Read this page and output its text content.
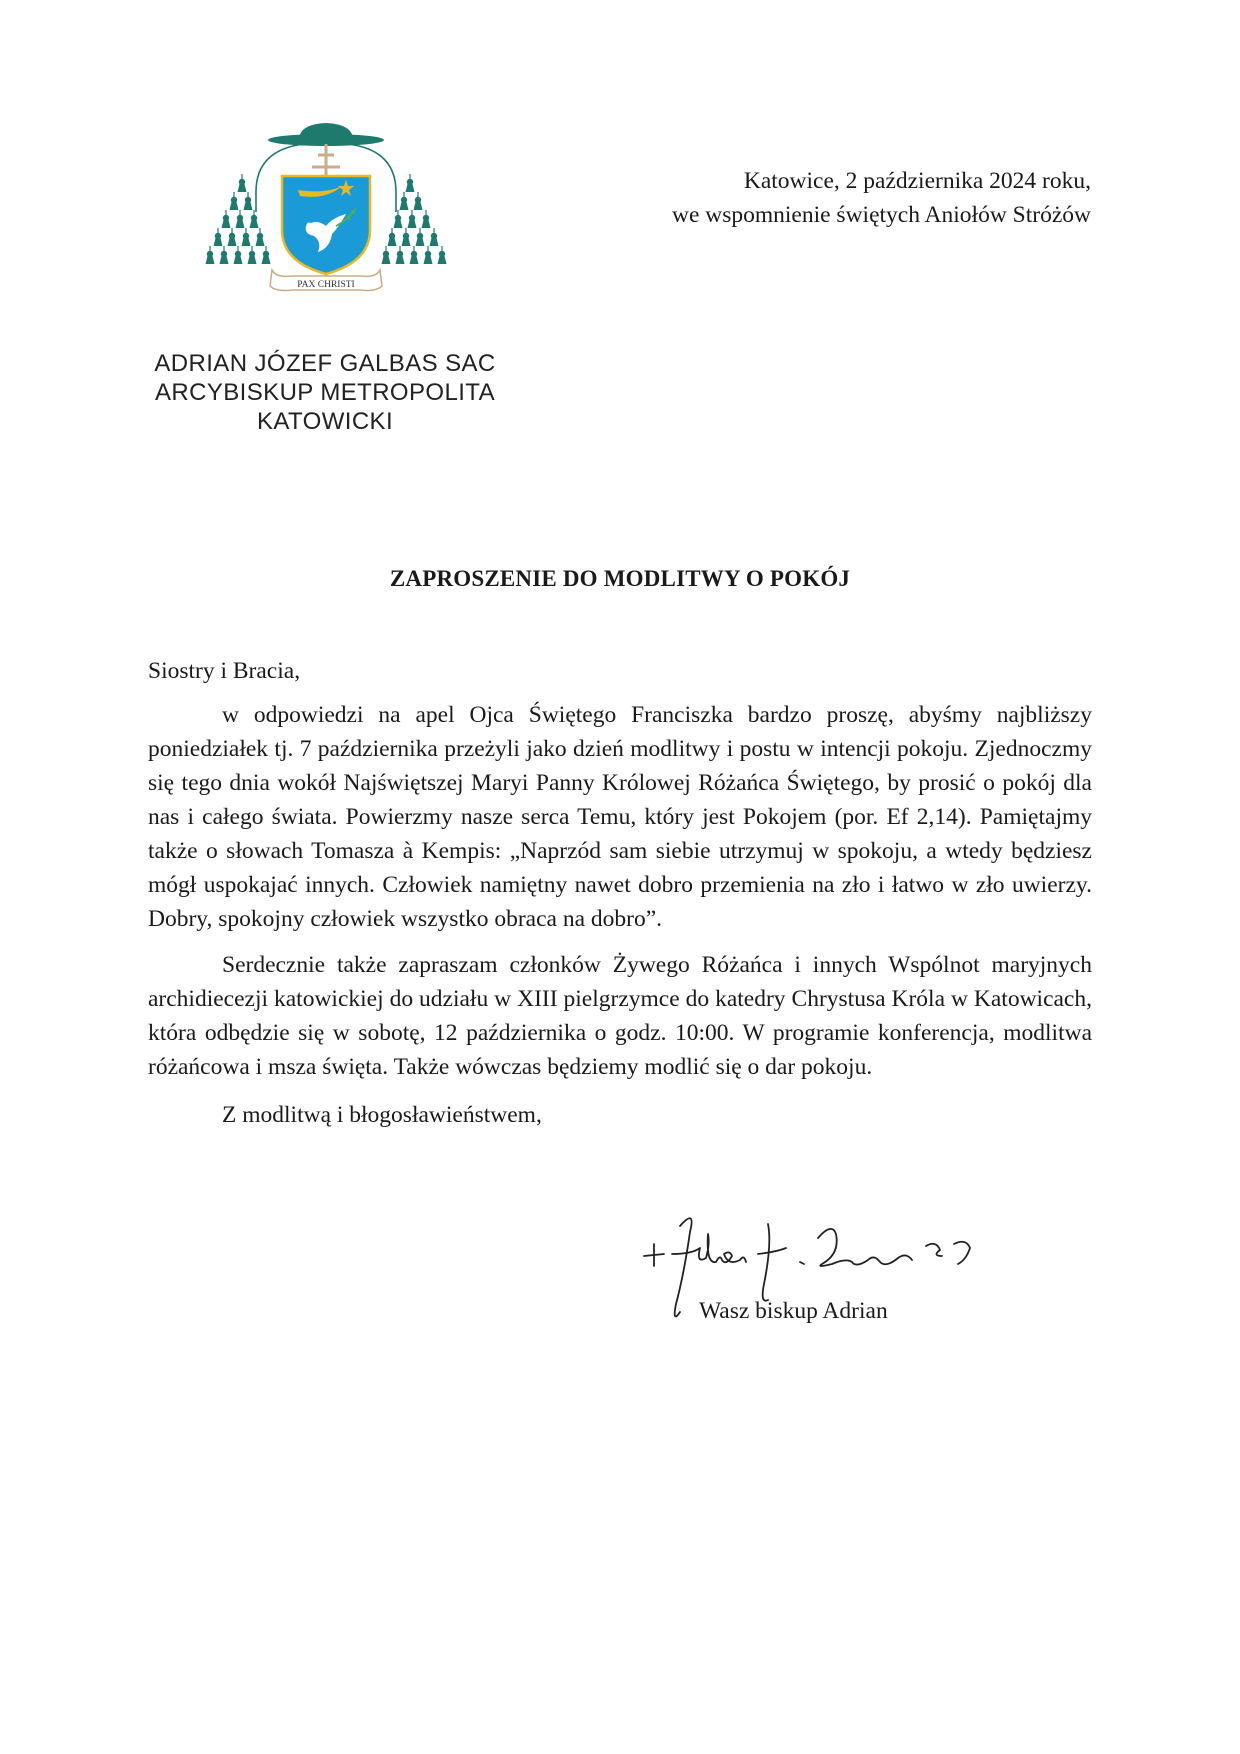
PAX CHRISTI
ADRIAN JÓZEF GALBAS SAC
ARCYBISKUP METROPOLITA
KATOWICKI
Katowice, 2 października 2024 roku,
we wspomnienie świętych Aniołów Stróżów
ZAPROSZENIE DO MODLITWY O POKÓJ

Siostry i Bracia,

w odpowiedzi na apel Ojca Świętego Franciszka bardzo proszę, abyśmy najbliższy poniedziałek tj. 7 października przeżyli jako dzień modlitwy i postu w intencji pokoju. Zjednoczmy się tego dnia wokół Najświętszej Maryi Panny Królowej Różańca Świętego, by prosić o pokój dla nas i całego świata. Powierzmy nasze serca Temu, który jest Pokojem (por. Ef 2,14). Pamiętajmy także o słowach Tomasza à Kempis: „Naprzód sam siebie utrzymuj w spokoju, a wtedy będziesz mógł uspokajać innych. Człowiek namiętny nawet dobro przemienia na zło i łatwo w zło uwierzy. Dobry, spokojny człowiek wszystko obraca na dobro”.

Serdecznie także zapraszam członków Żywego Różańca i innych Wspólnot maryjnych archidiecezji katowickiej do udziału w XIII pielgrzymce do katedry Chrystusa Króla w Katowicach, która odbędzie się w sobotę, 12 października o godz. 10:00. W programie konferencja, modlitwa różańcowa i msza święta. Także wówczas będziemy modlić się o dar pokoju.

Z modlitwą i błogosławieństwem,

Wasz biskup Adrian
